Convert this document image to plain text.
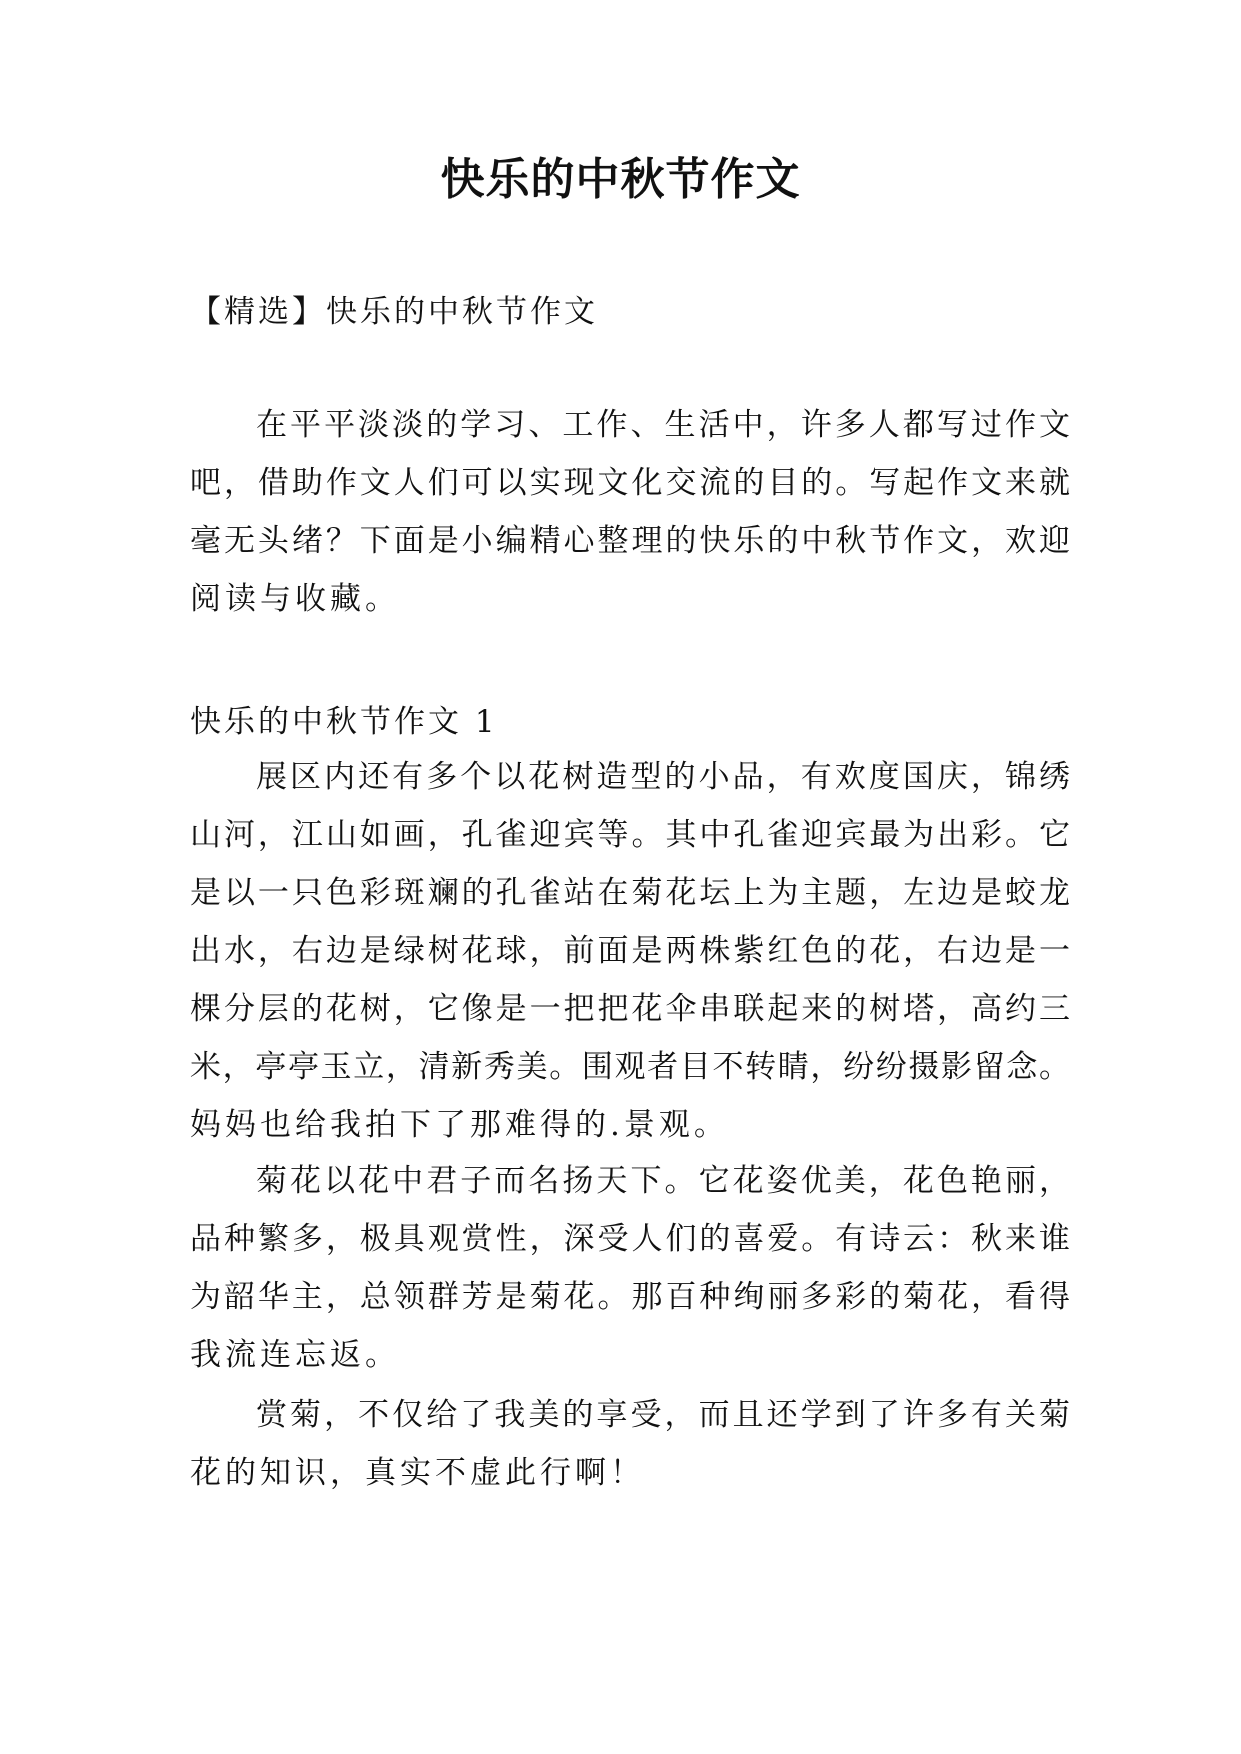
快乐的中秋节作文
【精选】快乐的中秋节作文
在平平淡淡的学习、工作、生活中，许多人都写过作文
吧，借助作文人们可以实现文化交流的目的。写起作文来就
毫无头绪？下面是小编精心整理的快乐的中秋节作文，欢迎
阅读与收藏。
快乐的中秋节作文 1
展区内还有多个以花树造型的小品，有欢度国庆，锦绣
山河，江山如画，孔雀迎宾等。其中孔雀迎宾最为出彩。它
是以一只色彩斑斓的孔雀站在菊花坛上为主题，左边是蛟龙
出水，右边是绿树花球，前面是两株紫红色的花，右边是一
棵分层的花树，它像是一把把花伞串联起来的树塔，高约三
米，亭亭玉立，清新秀美。围观者目不转睛，纷纷摄影留念。
妈妈也给我拍下了那难得的.景观。
菊花以花中君子而名扬天下。它花姿优美，花色艳丽，
品种繁多，极具观赏性，深受人们的喜爱。有诗云：秋来谁
为韶华主，总领群芳是菊花。那百种绚丽多彩的菊花，看得
我流连忘返。
赏菊，不仅给了我美的享受，而且还学到了许多有关菊
花的知识，真实不虚此行啊！
